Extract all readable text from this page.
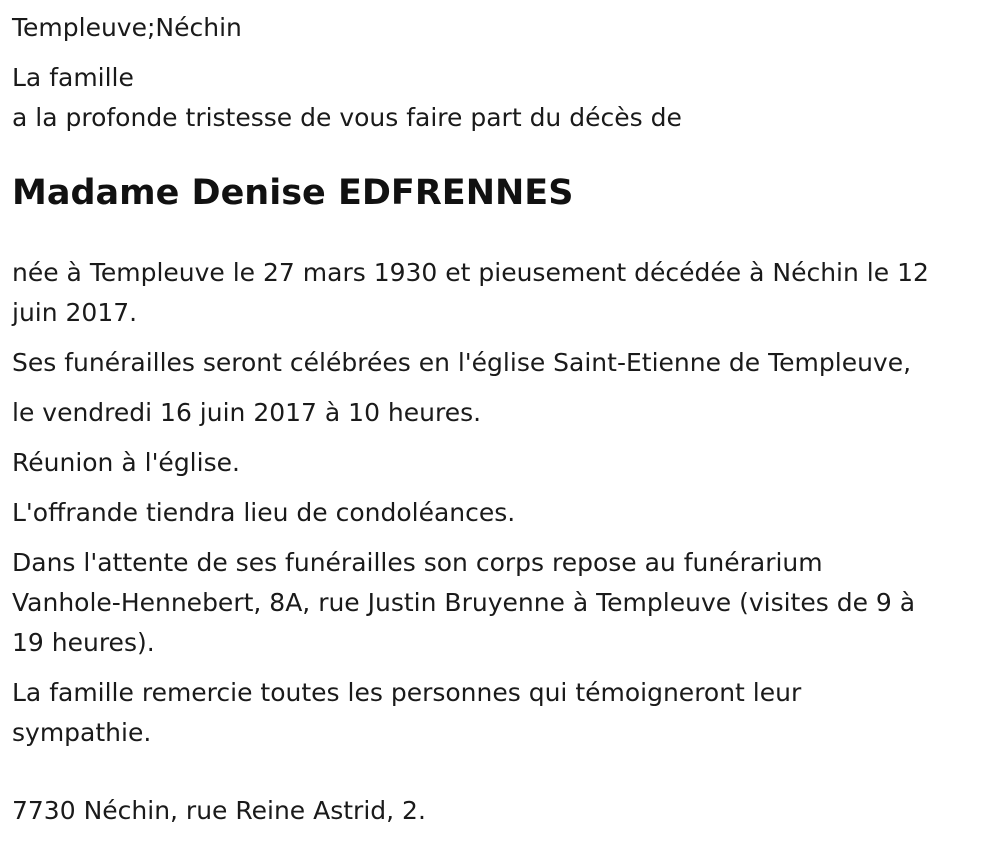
Templeuve;Néchin

La famille

a la profonde tristesse de vous faire part du décès de

Madame Denise EDFRENNES
née à Templeuve le 27 mars 1930 et pieusement décédée à Néchin le 12
juin 2017.
Ses funérailles seront célébrées en l'église Saint-Etienne de Templeuve,
le vendredi 16 juin 2017 à 10 heures.
Réunion à l'église.
L'offrande tiendra lieu de condoléances.
Dans l'attente de ses funérailles son corps repose au funérarium
Vanhole-Hennebert, 8A, rue Justin Bruyenne à Templeuve (visites de 9 à
19 heures).
La famille remercie toutes les personnes qui témoigneront leur
sympathie.
7730 Néchin, rue Reine Astrid, 2.
